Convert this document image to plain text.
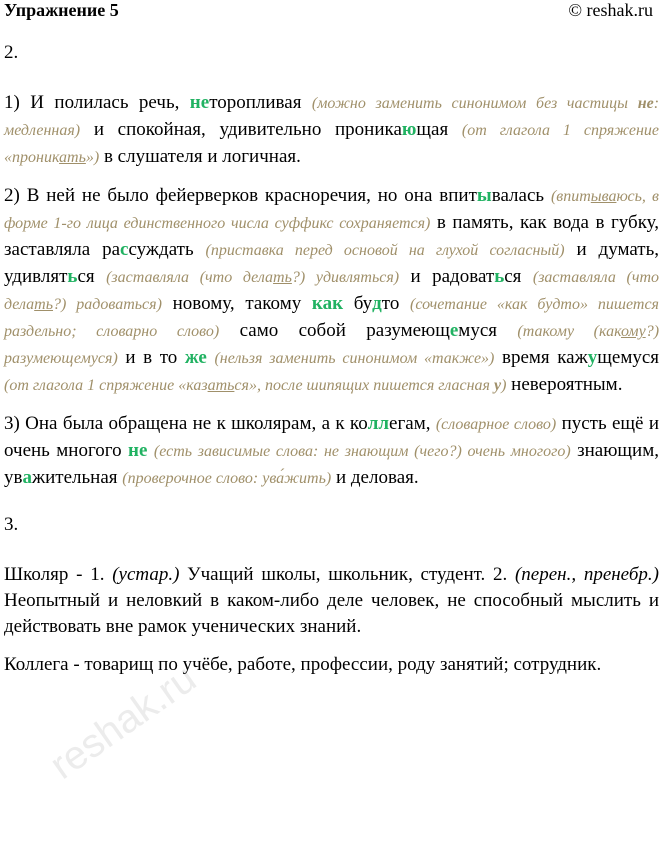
Упражнение 5	© reshak.ru
2.

1) И полилась речь, неторопливая (можно заменить синонимом без частицы не: медленная) и спокойная, удивительно проникающая (от глагола 1 спряжение «проникать») в слушателя и логичная.

2) В ней не было фейерверков красноречия, но она впитывалась (впитываюсь, в форме 1-го лица единственного числа суффикс сохраняется) в память, как вода в губку, заставляла рассуждать (приставка перед основой на глухой согласный) и думать, удивляться (заставляла (что делать?) удивляться) и радоваться (заставляла (что делать?) радоваться) новому, такому как будто (сочетание «как будто» пишется раздельно; словарно слово) само собой разумеющемуся (такому (какому?) разумеющемуся) и в то же (нельзя заменить синонимом «также») время кажущемуся (от глагола 1 спряжение «казаться», после шипящих пишется гласная у) невероятным.

3) Она была обращена не к школярам, а к коллегам, (словарное слово) пусть ещё и очень многого не (есть зависимые слова: не знающим (чего?) очень многого) знающим, уважительная (проверочное слово: ува́жить) и деловая.

3.

Школяр - 1. (устар.) Учащий школы, школьник, студент. 2. (перен., пренебр.) Неопытный и неловкий в каком-либо деле человек, не способный мыслить и действовать вне рамок ученических знаний.

Коллега - товарищ по учёбе, работе, профессии, роду занятий; сотрудник.

reshak.ru
